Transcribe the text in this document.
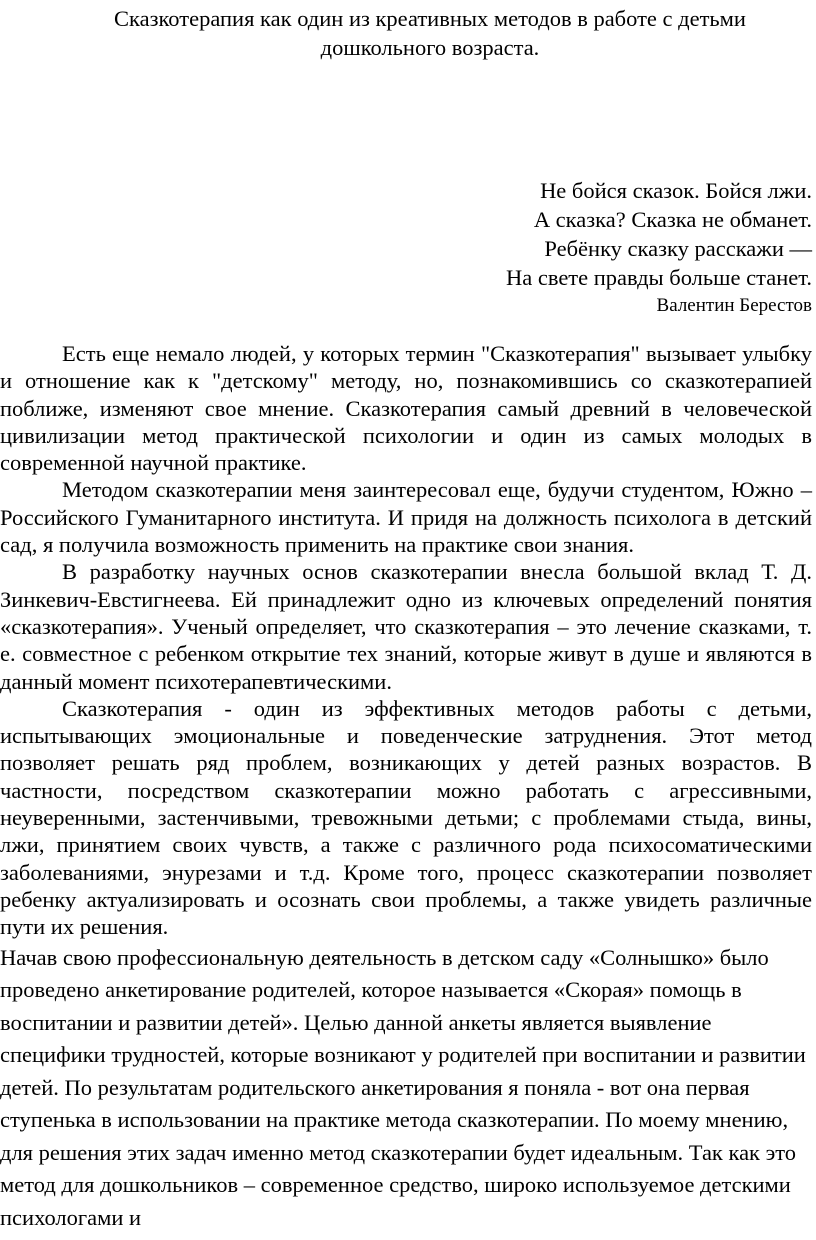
Сказкотерапия как один из креативных методов в работе с детьми
дошкольного возраста.
Не бойся сказок. Бойся лжи.
А сказка? Сказка не обманет.
Ребёнку сказку расскажи —
На свете правды больше станет.
Валентин Берестов

Есть еще немало людей, у которых термин "Сказкотерапия" вызывает улыбку и отношение как к "детскому" методу, но, познакомившись со сказкотерапией поближе, изменяют свое мнение. Сказкотерапия самый древний в человеческой цивилизации метод практической психологии и один из самых молодых в современной научной практике.

Методом сказкотерапии меня заинтересовал еще, будучи студентом, Южно – Российского Гуманитарного института. И придя на должность психолога в детский сад, я получила возможность применить на практике свои знания.

В разработку научных основ сказкотерапии внесла большой вклад Т. Д. Зинкевич-Евстигнеева. Ей принадлежит одно из ключевых определений понятия «сказкотерапия». Ученый определяет, что сказкотерапия – это лечение сказками, т. е. совместное с ребенком открытие тех знаний, которые живут в душе и являются в данный момент психотерапевтическими.

Сказкотерапия - один из эффективных методов работы с детьми, испытывающих эмоциональные и поведенческие затруднения. Этот метод позволяет решать ряд проблем, возникающих у детей разных возрастов. В частности, посредством сказкотерапии можно работать с агрессивными, неуверенными, застенчивыми, тревожными детьми; с проблемами стыда, вины, лжи, принятием своих чувств, а также с различного рода психосоматическими заболеваниями, энурезами и т.д. Кроме того, процесс сказкотерапии позволяет ребенку актуализировать и осознать свои проблемы, а также увидеть различные пути их решения.

Начав свою профессиональную деятельность в детском саду «Солнышко» было проведено анкетирование родителей, которое называется «Скорая» помощь в воспитании и развитии детей». Целью данной анкеты является выявление специфики трудностей, которые возникают у родителей при воспитании и развитии детей. По результатам родительского анкетирования я поняла - вот она первая ступенька в использовании на практике метода сказкотерапии. По моему мнению, для решения этих задач именно метод сказкотерапии будет идеальным. Так как это метод для дошкольников – современное средство, широко используемое детскими психологами и
